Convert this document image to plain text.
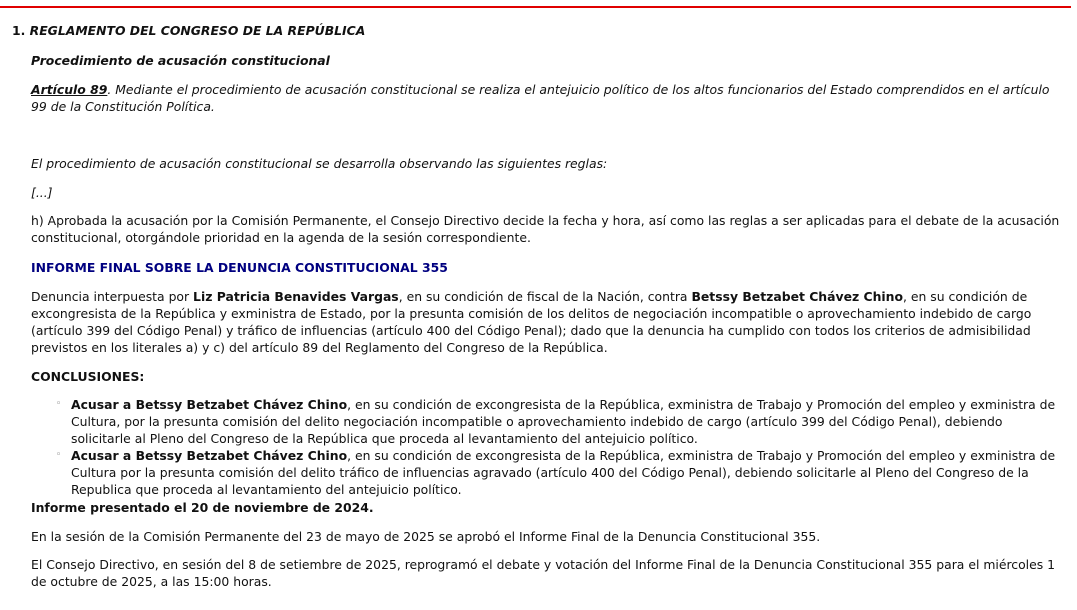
1. REGLAMENTO DEL CONGRESO DE LA REPÚBLICA

Procedimiento de acusación constitucional

Artículo 89. Mediante el procedimiento de acusación constitucional se realiza el antejuicio político de los altos funcionarios del Estado comprendidos en el artículo 99 de la Constitución Política.

El procedimiento de acusación constitucional se desarrolla observando las siguientes reglas:

[...]

h) Aprobada la acusación por la Comisión Permanente, el Consejo Directivo decide la fecha y hora, así como las reglas a ser aplicadas para el debate de la acusación constitucional, otorgándole prioridad en la agenda de la sesión correspondiente.

INFORME FINAL SOBRE LA DENUNCIA CONSTITUCIONAL 355

Denuncia interpuesta por Liz Patricia Benavides Vargas, en su condición de fiscal de la Nación, contra Betssy Betzabet Chávez Chino, en su condición de excongresista de la República y exministra de Estado, por la presunta comisión de los delitos de negociación incompatible o aprovechamiento indebido de cargo (artículo 399 del Código Penal) y tráfico de influencias (artículo 400 del Código Penal); dado que la denuncia ha cumplido con todos los criterios de admisibilidad previstos en los literales a) y c) del artículo 89 del Reglamento del Congreso de la República.

CONCLUSIONES:

◦ Acusar a Betssy Betzabet Chávez Chino, en su condición de excongresista de la República, exministra de Trabajo y Promoción del empleo y exministra de Cultura, por la presunta comisión del delito negociación incompatible o aprovechamiento indebido de cargo (artículo 399 del Código Penal), debiendo solicitarle al Pleno del Congreso de la República que proceda al levantamiento del antejuicio político.
◦ Acusar a Betssy Betzabet Chávez Chino, en su condición de excongresista de la República, exministra de Trabajo y Promoción del empleo y exministra de Cultura por la presunta comisión del delito tráfico de influencias agravado (artículo 400 del Código Penal), debiendo solicitarle al Pleno del Congreso de la Republica que proceda al levantamiento del antejuicio político.

Informe presentado el 20 de noviembre de 2024.

En la sesión de la Comisión Permanente del 23 de mayo de 2025 se aprobó el Informe Final de la Denuncia Constitucional 355.

El Consejo Directivo, en sesión del 8 de setiembre de 2025, reprogramó el debate y votación del Informe Final de la Denuncia Constitucional 355 para el miércoles 1 de octubre de 2025, a las 15:00 horas.
